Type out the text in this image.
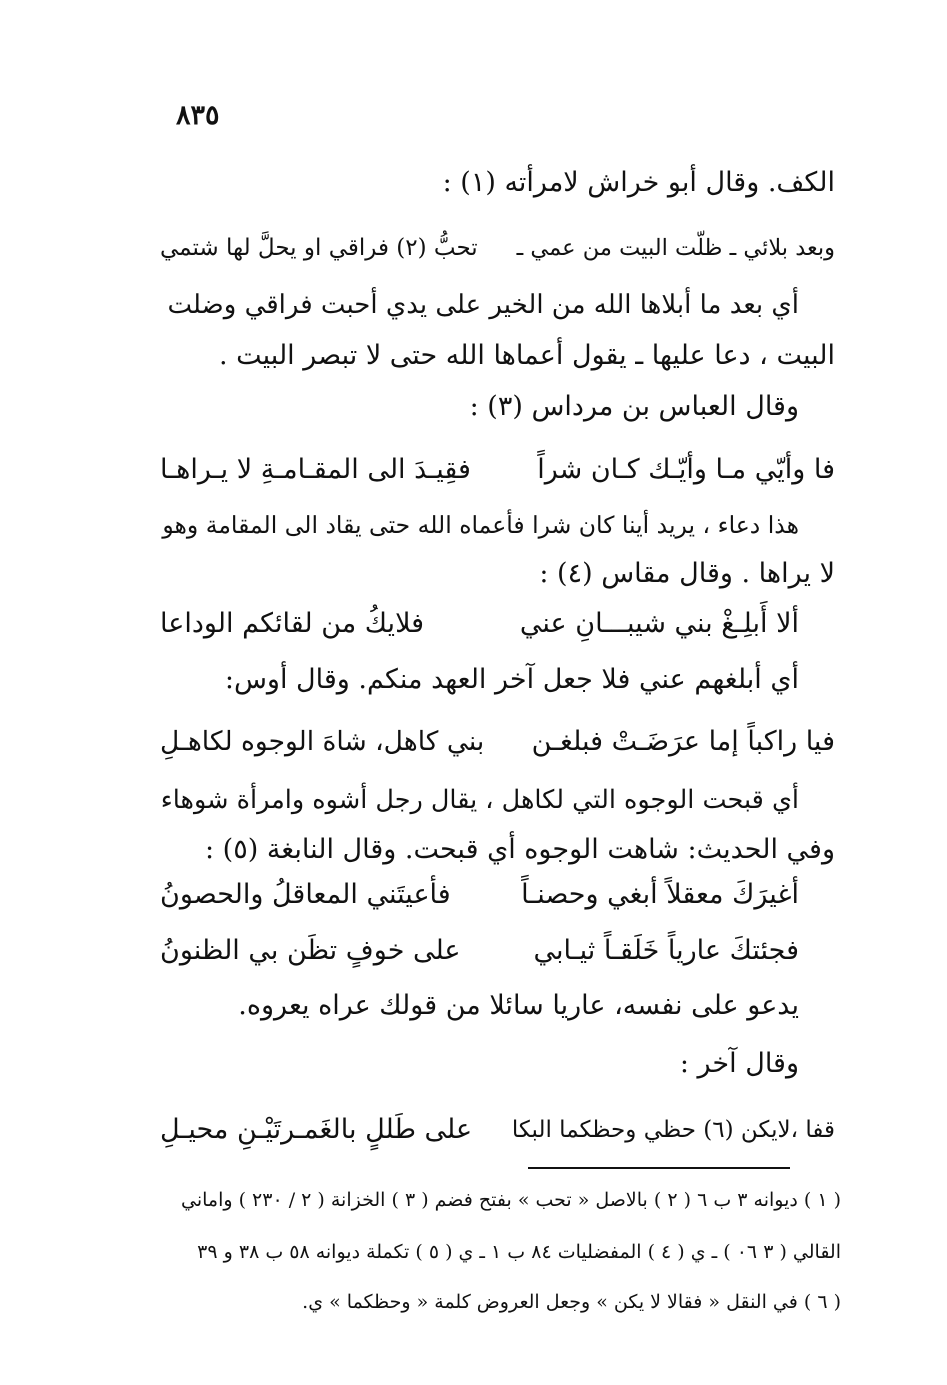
٨٣٥
الكف. وقال أبو خراش لامرأته (١) :
وبعد بلائي ـ ظلّت البيت من عمي ـ
تحبُّ (٢) فراقي او يحلَّ لها شتمي
أي بعد ما أبلاها الله من الخير على يدي أحبت فراقي وضلت
البيت ، دعا عليها ـ يقول أعماها الله حتى لا تبصر البيت .
وقال العباس بن مرداس (٣) :
فا وأيّي مـا وأيّـك كـان شراً
فقِيـدَ الى المقـامـةِ لا يـراهـا
هذا دعاء ، يريد أينا كان شرا فأعماه الله حتى يقاد الى المقامة وهو
لا يراها . وقال مقاس (٤) :
ألا أَبلِـغْ بني شيبـــانِ عني
فلايكُ من لقائكم الوداعا
أي أبلغهم عني فلا جعل آخر العهد منكم. وقال أوس:
فيا راكباً إما عرَضَـتْ فبلغـن
بني كاهل، شاهَ الوجوه لكاهـلِ
أي قبحت الوجوه التي لكاهل ، يقال رجل أشوه وامرأة شوهاء
وفي الحديث: شاهت الوجوه أي قبحت. وقال النابغة (٥) :
أغيرَكَ معقلاً أبغي وحصنـاً
فأعيتَني المعاقلُ والحصونُ
فجئتكَ عارياً خَلَقـاً ثيـابي
على خوفٍ تظَن بي الظنونُ
يدعو على نفسه، عاريا سائلا من قولك عراه يعروه.
وقال آخر :
قفا ،لايكن (٦) حظي وحظكما البكا
على طَللٍ بالغَمـرتَيْـنِ محيـلِ
( ١ ) ديوانه ٣ ب ٦ ( ٢ ) بالاصل « تحب » بفتح فضم ( ٣ ) الخزانة ( ٢ / ٢٣٠ ) واماني
القالي ( ٣ ٠٦ ) ـ ي ( ٤ ) المفضليات ٨٤ ب ١ ـ ي ( ٥ ) تكملة ديوانه ٥٨ ب ٣٨ و ٣٩
( ٦ ) في النقل « فقالا لا يكن » وجعل العروض كلمة « وحظكما » ي.
